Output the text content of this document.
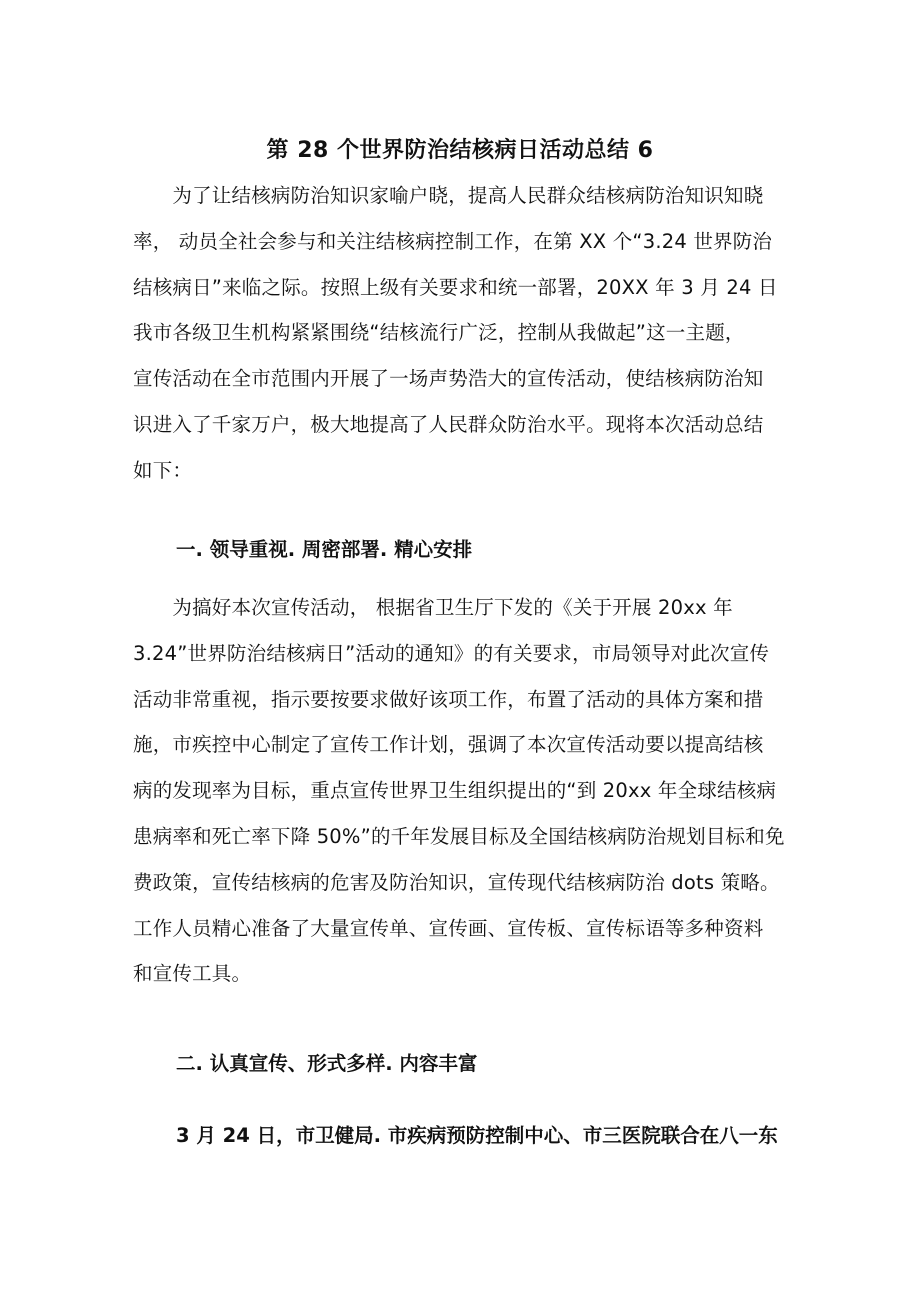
第 28 个世界防治结核病日活动总结 6
　　为了让结核病防治知识家喻户晓，提高人民群众结核病防治知识知晓
率， 动员全社会参与和关注结核病控制工作，在第 XX 个“3.24 世界防治
结核病日”来临之际。按照上级有关要求和统一部署，20XX 年 3 月 24 日
我市各级卫生机构紧紧围绕“结核流行广泛，控制从我做起”这一主题，
宣传活动在全市范围内开展了一场声势浩大的宣传活动，使结核病防治知
识进入了千家万户，极大地提高了人民群众防治水平。现将本次活动总结
如下：
一. 领导重视. 周密部署. 精心安排
　　为搞好本次宣传活动， 根据省卫生厅下发的《关于开展 20xx 年
3.24”世界防治结核病日”活动的通知》的有关要求，市局领导对此次宣传
活动非常重视，指示要按要求做好该项工作，布置了活动的具体方案和措
施，市疾控中心制定了宣传工作计划，强调了本次宣传活动要以提高结核
病的发现率为目标，重点宣传世界卫生组织提出的“到 20xx 年全球结核病
患病率和死亡率下降 50%”的千年发展目标及全国结核病防治规划目标和免
费政策，宣传结核病的危害及防治知识，宣传现代结核病防治 dots 策略。
工作人员精心准备了大量宣传单、宣传画、宣传板、宣传标语等多种资料
和宣传工具。
二. 认真宣传、形式多样. 内容丰富
3 月 24 日，市卫健局. 市疾病预防控制中心、市三医院联合在八一东
